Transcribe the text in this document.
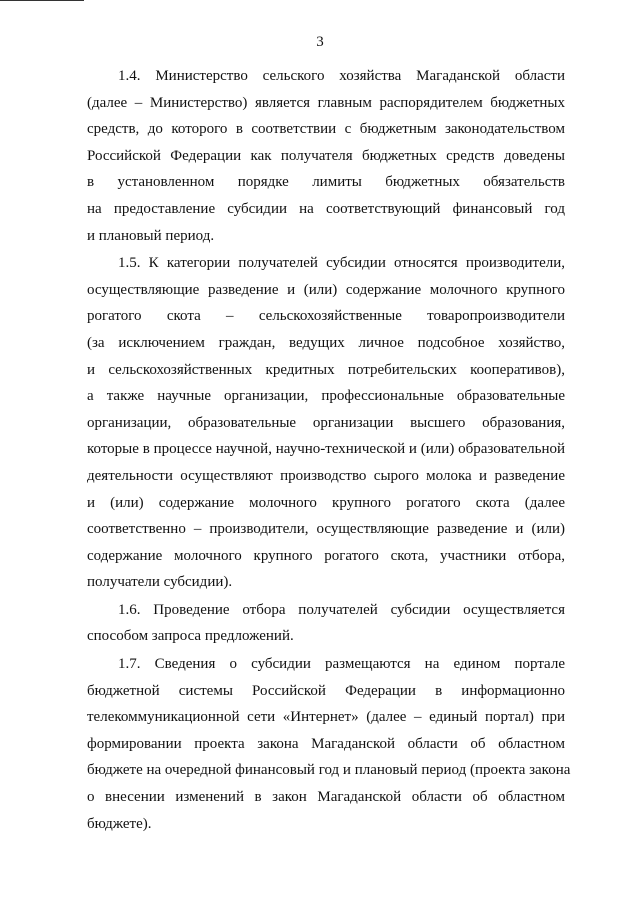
3
1.4. Министерство сельского хозяйства Магаданской области
(далее – Министерство) является главным распорядителем бюджетных
средств, до которого в соответствии с бюджетным законодательством
Российской Федерации как получателя бюджетных средств доведены
в установленном порядке лимиты бюджетных обязательств
на предоставление субсидии на соответствующий финансовый год
и плановый период.
1.5. К категории получателей субсидии относятся производители,
осуществляющие разведение и (или) содержание молочного крупного
рогатого скота – сельскохозяйственные товаропроизводители
(за исключением граждан, ведущих личное подсобное хозяйство,
и сельскохозяйственных кредитных потребительских кооперативов),
а также научные организации, профессиональные образовательные
организации, образовательные организации высшего образования,
которые в процессе научной, научно-технической и (или) образовательной
деятельности осуществляют производство сырого молока и разведение
и (или) содержание молочного крупного рогатого скота (далее
соответственно – производители, осуществляющие разведение и (или)
содержание молочного крупного рогатого скота, участники отбора,
получатели субсидии).
1.6. Проведение отбора получателей субсидии осуществляется
способом запроса предложений.
1.7. Сведения о субсидии размещаются на едином портале
бюджетной системы Российской Федерации в информационно
телекоммуникационной сети «Интернет» (далее – единый портал) при
формировании проекта закона Магаданской области об областном
бюджете на очередной финансовый год и плановый период (проекта закона
о внесении изменений в закон Магаданской области об областном
бюджете).
